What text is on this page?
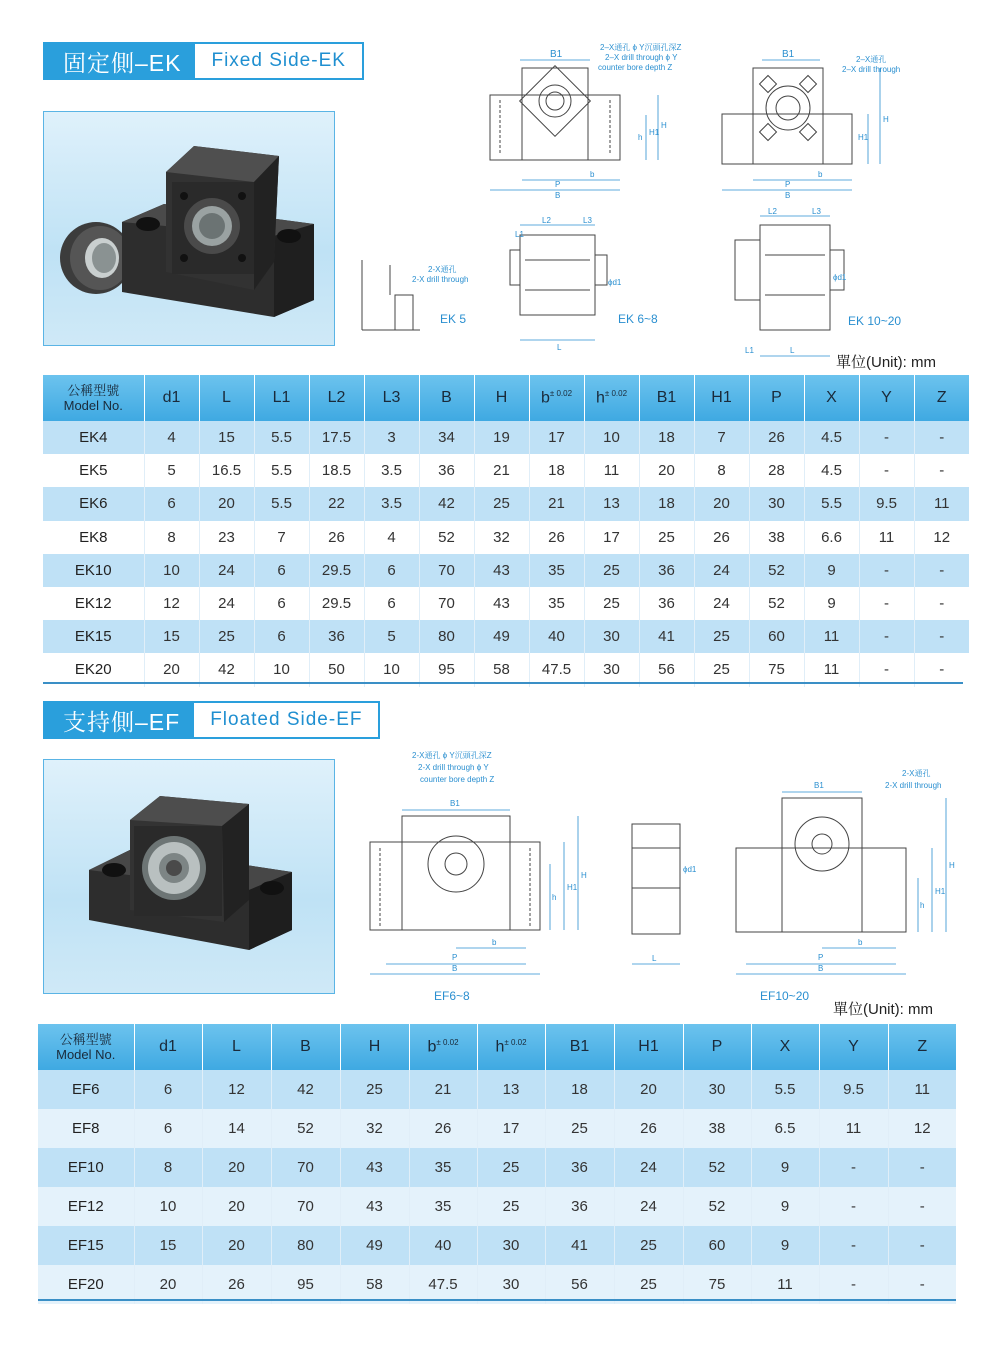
固定側–EK	Fixed Side-EK	B1
2–X通孔 ϕ Y沉頭孔深Z
2–X drill through ϕ Y
counter bore depth Z
H1
H
h
b
P
B
B1	2–X通孔
2–X drill through
H1
H
b
P
B
L2	L3
L1
ϕd1
L
L2	L3
ϕd1
L1	L
2-X通孔
2-X drill through
EK 5	EK 6~8	EK 10~20
單位(Unit): mm
公稱型號
Model No.	d1	L	L1	L2	L3	B	H	$b^{\pm 0.02}$	$h^{\pm 0.02}$	B1	H1	P	X	Y	Z
EK4	4	15	5.5	17.5	3	34	19	17	10	18	7	26	4.5	-	-
EK5	5	16.5	5.5	18.5	3.5	36	21	18	11	20	8	28	4.5	-	-
EK6	6	20	5.5	22	3.5	42	25	21	13	18	20	30	5.5	9.5	11
EK8	8	23	7	26	4	52	32	26	17	25	26	38	6.6	11	12
EK10	10	24	6	29.5	6	70	43	35	25	36	24	52	9	-	-
EK12	12	24	6	29.5	6	70	43	35	25	36	24	52	9	-	-
EK15	15	25	6	36	5	80	49	40	30	41	25	60	11	-	-
EK20	20	42	10	50	10	95	58	47.5	30	56	25	75	11	-	-
支持側–EF	Floated Side-EF
2-X通孔 ϕ Y沉頭孔深Z
2-X drill through ϕ Y
counter bore depth Z
B1
H
H1
h
b
P
B
ϕd1
L
EF6~8
2-X通孔
2-X drill through
B1
H
H1
h
b
P
B
EF10~20
單位(Unit): mm
公稱型號
Model No.	d1	L	B	H	$b^{\pm 0.02}$	$h^{\pm 0.02}$	B1	H1	P	X	Y	Z
EF6	6	12	42	25	21	13	18	20	30	5.5	9.5	11
EF8	6	14	52	32	26	17	25	26	38	6.5	11	12
EF10	8	20	70	43	35	25	36	24	52	9	-	-
EF12	10	20	70	43	35	25	36	24	52	9	-	-
EF15	15	20	80	49	40	30	41	25	60	9	-	-
EF20	20	26	95	58	47.5	30	56	25	75	11	-	-
